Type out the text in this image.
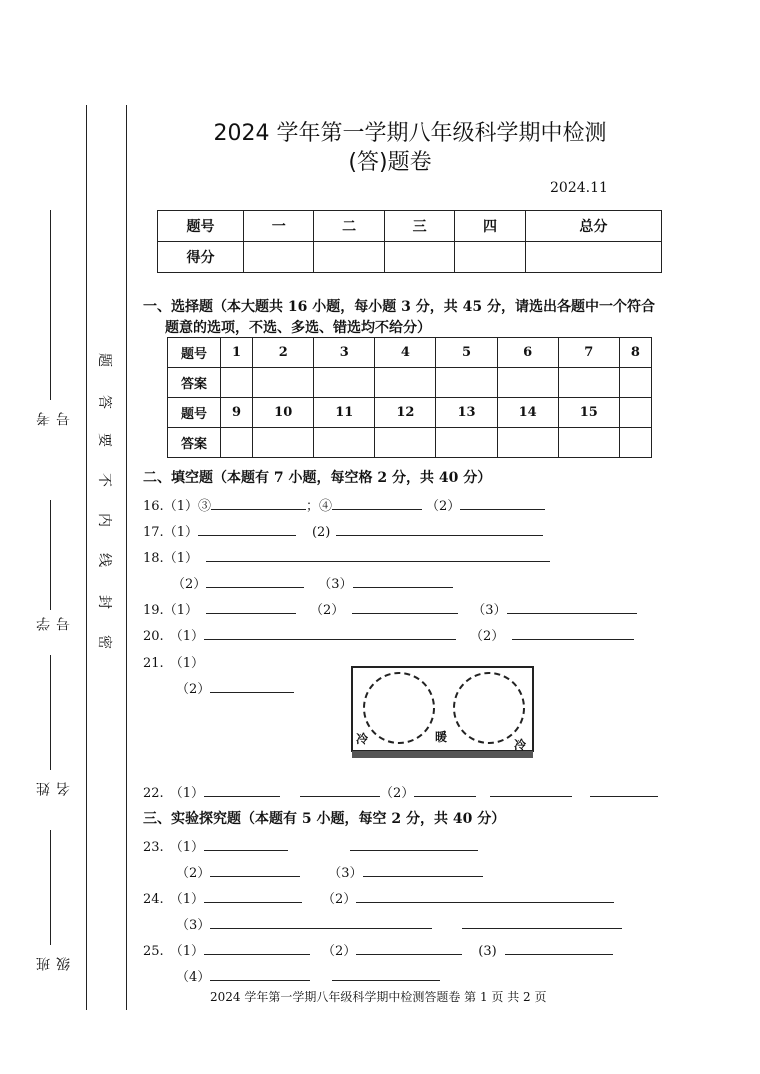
题
答
要
不
内
线
封
密
考号
学号
姓名
班级
2024 学年第一学期八年级科学期中检测
(答)题卷
2024.11
题号	一	二	三	四	总分
得分					
一、选择题（本大题共 16 小题，每小题 3 分，共 45 分，请选出各题中一个符合
题意的选项，不选、多选、错选均不给分）
题号	1	2	3	4	5	6	7	8
答案								
题号	9	10	11	12	13	14	15	
答案								
二、填空题（本题有 7 小题，每空格 2 分，共 40 分）
16.（1）③	；④	（2）
17.（1）	(2)
18.（1）
（2）	（3）
19.（1）	（2）	（3）
20. （1）	（2）
21. （1）
（2）
冷	暖
冷
22. （1）	（2）
三、实验探究题（本题有 5 小题，每空 2 分，共 40 分）
23. （1）
（2）	（3）
24. （1）	（2）
（3）
25. （1）	（2）	(3)
（4）
2024 学年第一学期八年级科学期中检测答题卷 第 1 页 共 2 页
